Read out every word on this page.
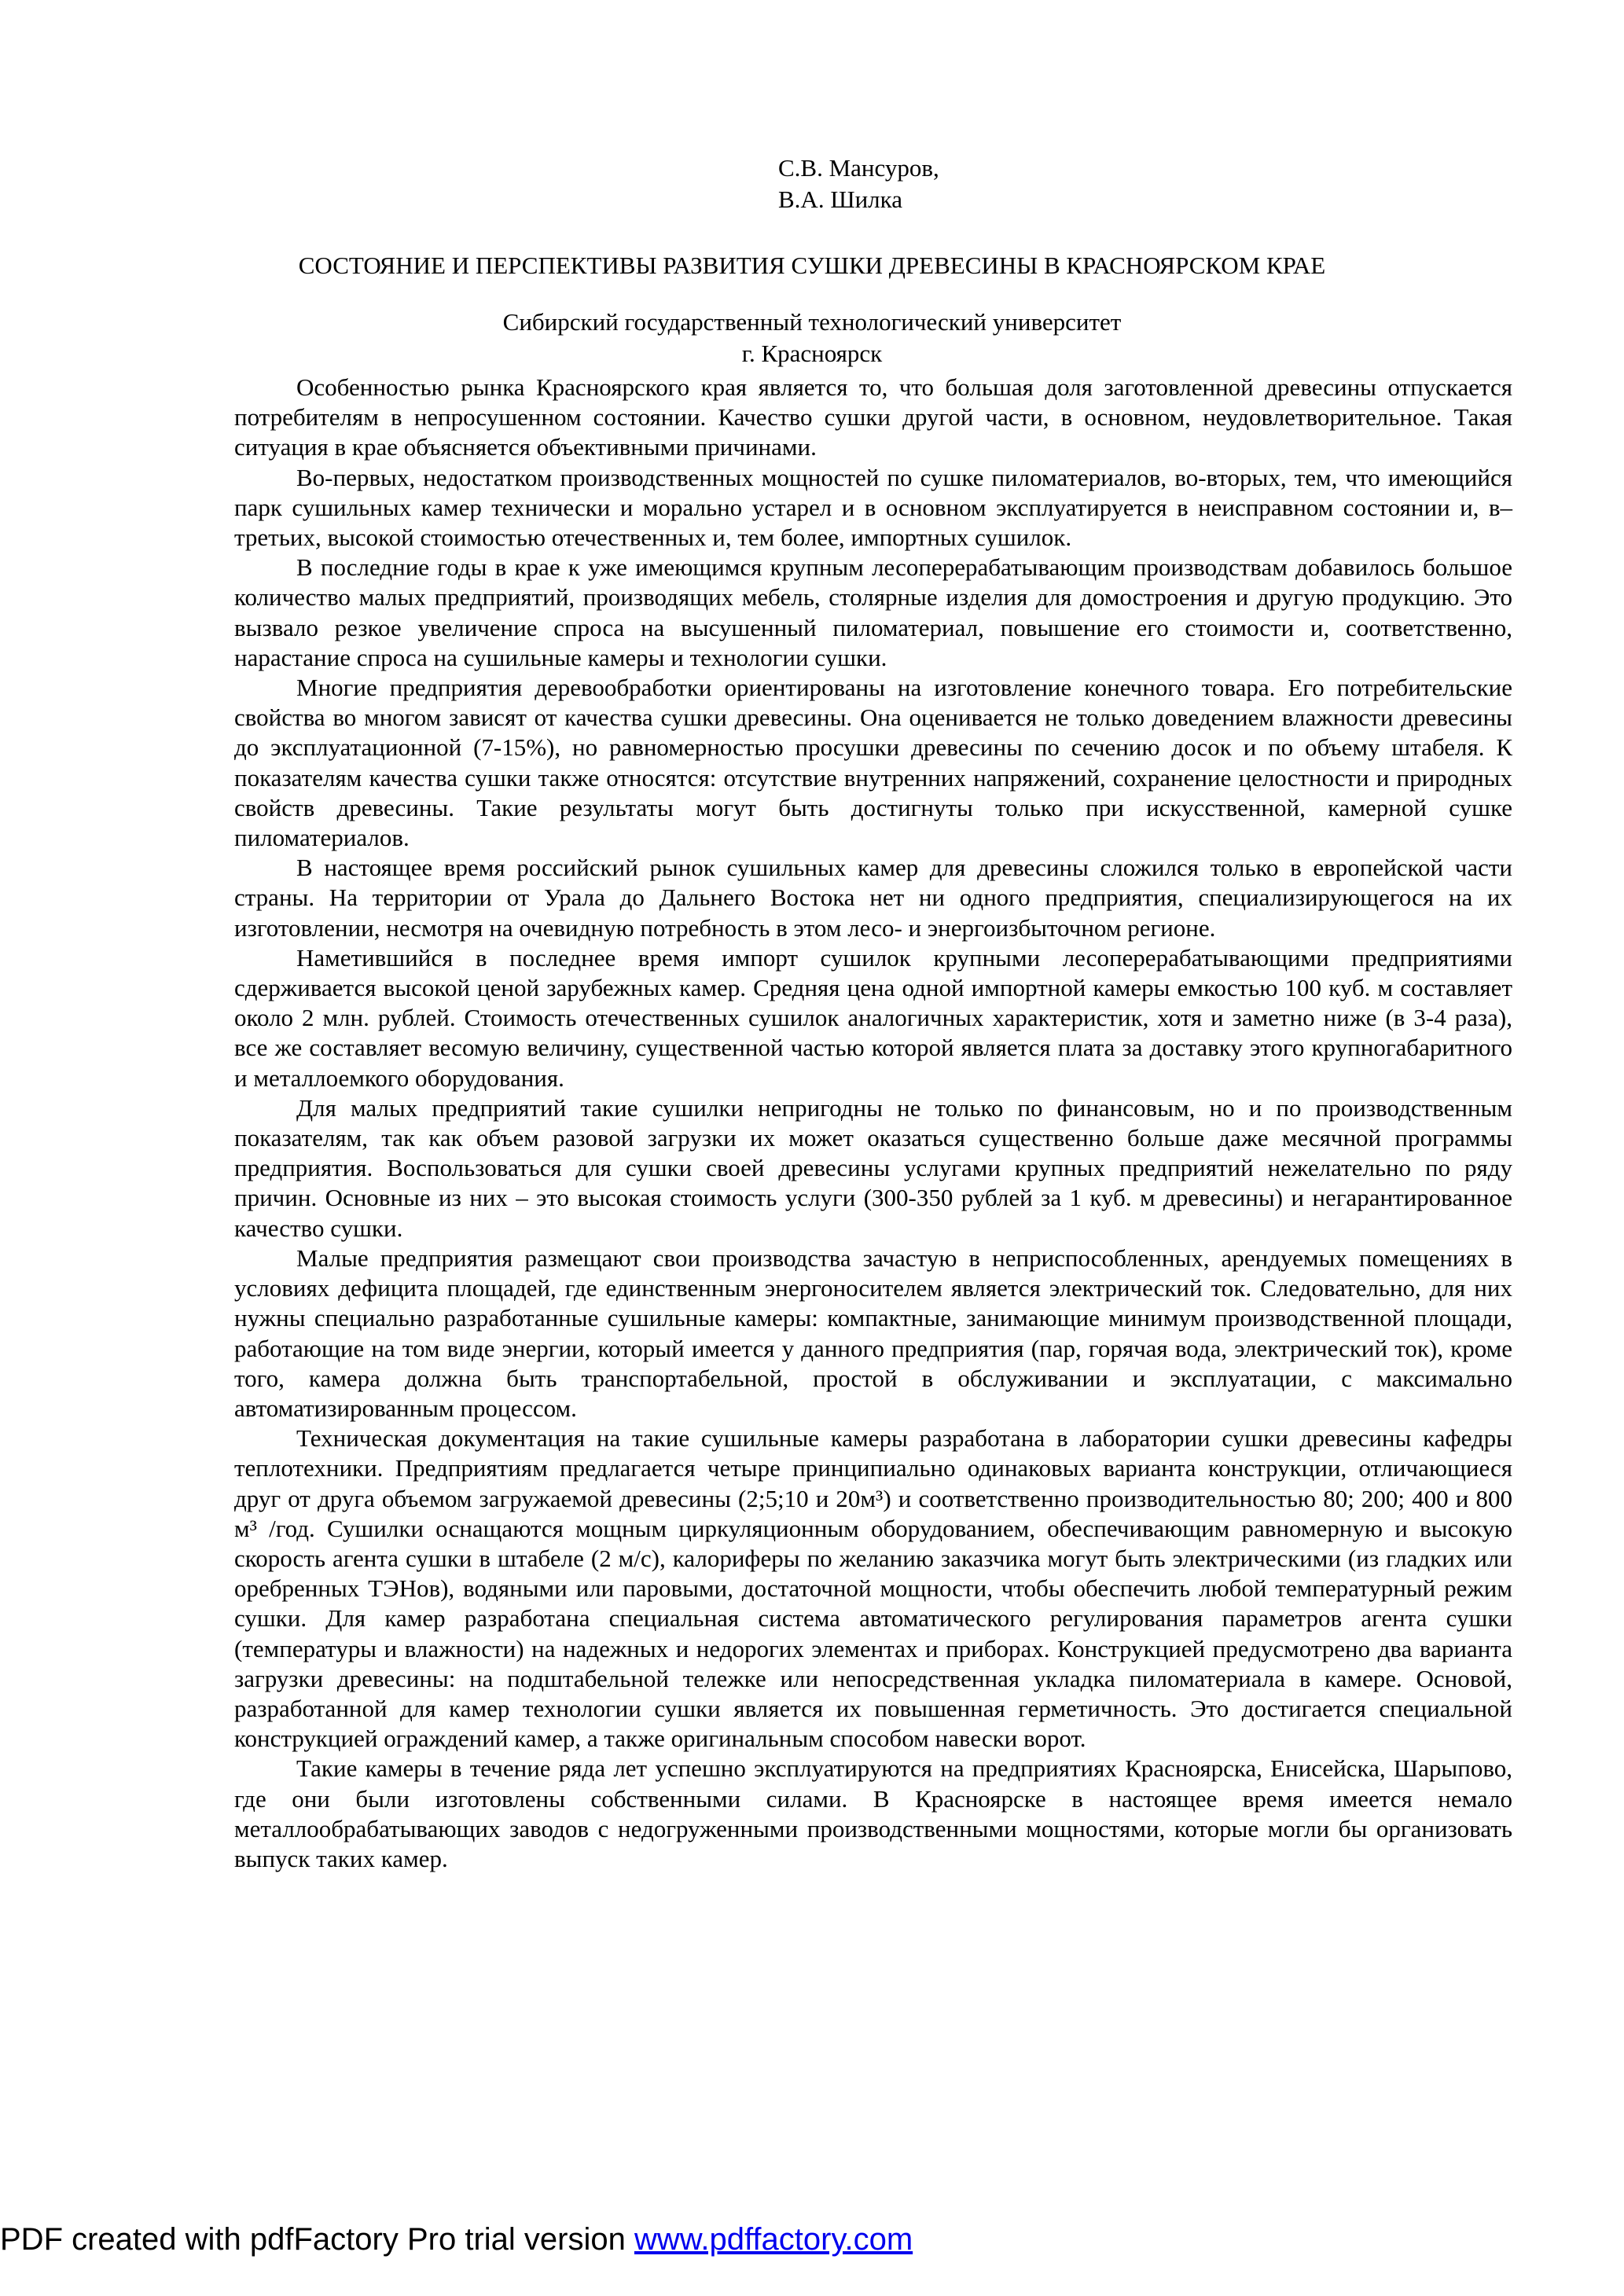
С.В. Мансуров,
В.А. Шилка
СОСТОЯНИЕ И ПЕРСПЕКТИВЫ РАЗВИТИЯ СУШКИ ДРЕВЕСИНЫ В КРАСНОЯРСКОМ КРАЕ
Сибирский государственный технологический университет
г. Красноярск

Особенностью рынка Красноярского края является то, что большая доля заготовленной древесины отпускается потребителям в непросушенном состоянии. Качество сушки другой части, в основном, неудовлетворительное. Такая ситуация в крае объясняется объективными причинами.

Во-первых, недостатком производственных мощностей по сушке пиломатериалов, во-вторых, тем, что имеющийся парк сушильных камер технически и морально устарел и в основном эксплуатируется в неисправном состоянии и, в–третьих, высокой стоимостью отечественных и, тем более, импортных сушилок.

В последние годы в крае к уже имеющимся крупным лесоперерабатывающим производствам добавилось большое количество малых предприятий, производящих мебель, столярные изделия для домостроения и другую продукцию. Это вызвало резкое увеличение спроса на высушенный пиломатериал, повышение его стоимости и, соответственно, нарастание спроса на сушильные камеры и технологии сушки.

Многие предприятия деревообработки ориентированы на изготовление конечного товара. Его потребительские свойства во многом зависят от качества сушки древесины. Она оценивается не только доведением влажности древесины до эксплуатационной (7-15%), но равномерностью просушки древесины по сечению досок и по объему штабеля. К показателям качества сушки также относятся: отсутствие внутренних напряжений, сохранение целостности и природных свойств древесины. Такие результаты могут быть достигнуты только при искусственной, камерной сушке пиломатериалов.

В настоящее время российский рынок сушильных камер для древесины сложился только в европейской части страны. На территории от Урала до Дальнего Востока нет ни одного предприятия, специализирующегося на их изготовлении, несмотря на очевидную потребность в этом лесо- и энергоизбыточном регионе.

Наметившийся в последнее время импорт сушилок крупными лесоперерабатывающими предприятиями сдерживается высокой ценой зарубежных камер. Средняя цена одной импортной камеры емкостью 100 куб. м составляет около 2 млн. рублей. Стоимость отечественных сушилок аналогичных характеристик, хотя и заметно ниже (в 3-4 раза), все же составляет весомую величину, существенной частью которой является плата за доставку этого крупногабаритного и металлоемкого оборудования.

Для малых предприятий такие сушилки непригодны не только по финансовым, но и по производственным показателям, так как объем разовой загрузки их может оказаться существенно больше даже месячной программы предприятия. Воспользоваться для сушки своей древесины услугами крупных предприятий нежелательно по ряду причин. Основные из них – это высокая стоимость услуги (300-350 рублей за 1 куб. м древесины) и негарантированное качество сушки.

Малые предприятия размещают свои производства зачастую в неприспособленных, арендуемых помещениях в условиях дефицита площадей, где единственным энергоносителем является электрический ток. Следовательно, для них нужны специально разработанные сушильные камеры: компактные, занимающие минимум производственной площади, работающие на том виде энергии, который имеется у данного предприятия (пар, горячая вода, электрический ток), кроме того, камера должна быть транспортабельной, простой в обслуживании и эксплуатации, с максимально автоматизированным процессом.

Техническая документация на такие сушильные камеры разработана в лаборатории сушки древесины кафедры теплотехники. Предприятиям предлагается четыре принципиально одинаковых варианта конструкции, отличающиеся друг от друга объемом загружаемой древесины (2;5;10 и 20м³) и соответственно производительностью 80; 200; 400 и 800 м³ /год. Сушилки оснащаются мощным циркуляционным оборудованием, обеспечивающим равномерную и высокую скорость агента сушки в штабеле (2 м/с), калориферы по желанию заказчика могут быть электрическими (из гладких или оребренных ТЭНов), водяными или паровыми, достаточной мощности, чтобы обеспечить любой температурный режим сушки. Для камер разработана специальная система автоматического регулирования параметров агента сушки (температуры и влажности) на надежных и недорогих элементах и приборах. Конструкцией предусмотрено два варианта загрузки древесины: на подштабельной тележке или непосредственная укладка пиломатериала в камере. Основой, разработанной для камер технологии сушки является их повышенная герметичность. Это достигается специальной конструкцией ограждений камер, а также оригинальным способом навески ворот.

Такие камеры в течение ряда лет успешно эксплуатируются на предприятиях Красноярска, Енисейска, Шарыпово, где они были изготовлены собственными силами. В Красноярске в настоящее время имеется немало металлообрабатывающих заводов с недогруженными производственными мощностями, которые могли бы организовать выпуск таких камер.

PDF created with pdfFactory Pro trial version www.pdffactory.com
